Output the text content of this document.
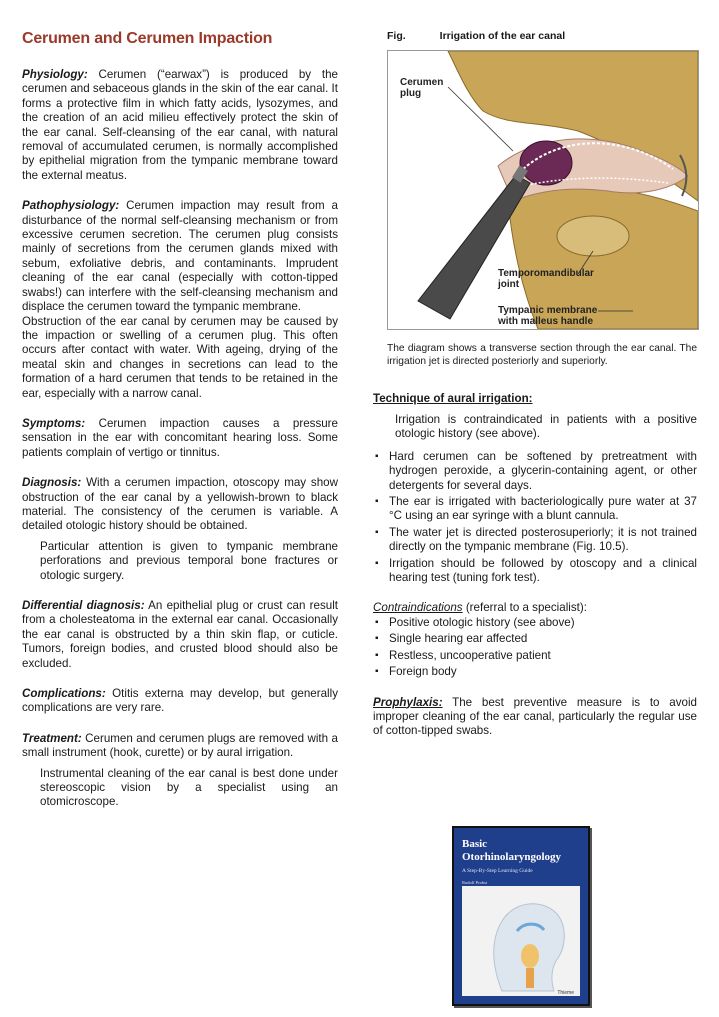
Cerumen and Cerumen Impaction

Physiology: Cerumen (“earwax”) is produced by the cerumen and sebaceous glands in the skin of the ear canal. It forms a protective film in which fatty acids, lysozymes, and the creation of an acid milieu effectively protect the skin of the ear canal. Self-cleansing of the ear canal, with natural removal of accumulated cerumen, is normally accomplished by epithelial migration from the tympanic membrane toward the external meatus.

Pathophysiology: Cerumen impaction may result from a disturbance of the normal self-cleansing mechanism or from excessive cerumen secretion. The cerumen plug consists mainly of secretions from the cerumen glands mixed with sebum, exfoliative debris, and contaminants. Imprudent cleaning of the ear canal (especially with cotton-tipped swabs!) can interfere with the self-cleansing mechanism and displace the cerumen toward the tympanic membrane.

Obstruction of the ear canal by cerumen may be caused by the impaction or swelling of a cerumen plug. This often occurs after contact with water. With ageing, drying of the meatal skin and changes in secretions can lead to the formation of a hard cerumen that tends to be retained in the ear, especially with a narrow canal.

Symptoms: Cerumen impaction causes a pressure sensation in the ear with concomitant hearing loss. Some patients complain of vertigo or tinnitus.

Diagnosis: With a cerumen impaction, otoscopy may show obstruction of the ear canal by a yellowish-brown to black material. The consistency of the cerumen is variable. A detailed otologic history should be obtained.

Particular attention is given to tympanic membrane perforations and previous temporal bone fractures or otologic surgery.

Differential diagnosis: An epithelial plug or crust can result from a cholesteatoma in the external ear canal. Occasionally the ear canal is obstructed by a thin skin flap, or cuticle. Tumors, foreign bodies, and crusted blood should also be excluded.

Complications: Otitis externa may develop, but generally complications are very rare.

Treatment: Cerumen and cerumen plugs are removed with a small instrument (hook, curette) or by aural irrigation.

Instrumental cleaning of the ear canal is best done under stereoscopic vision by a specialist using an otomicroscope.

Fig.	Irrigation of the ear canal
Cerumen
plug
Temporomandibular
joint
Tympanic membrane
with malleus handle

The diagram shows a transverse section through the ear canal. The irrigation jet is directed posteriorly and superiorly.

Technique of aural irrigation:

Irrigation is contraindicated in patients with a positive otologic history (see above).

▪ Hard cerumen can be softened by pretreatment with hydrogen peroxide, a glycerin-containing agent, or other detergents for several days.
▪ The ear is irrigated with bacteriologically pure water at 37 °C using an ear syringe with a blunt cannula.
▪ The water jet is directed posterosuperiorly; it is not trained directly on the tympanic membrane (Fig. 10.5).
▪ Irrigation should be followed by otoscopy and a clinical hearing test (tuning fork test).

Contraindications (referral to a specialist):

▪ Positive otologic history (see above)
▪ Single hearing ear affected
▪ Restless, uncooperative patient
▪ Foreign body

Prophylaxis: The best preventive measure is to avoid improper cleaning of the ear canal, particularly the regular use of cotton-tipped swabs.

Basic Otorhinolaryngology
A Step-By-Step Learning Guide
Rudolf Probst
Thieme
